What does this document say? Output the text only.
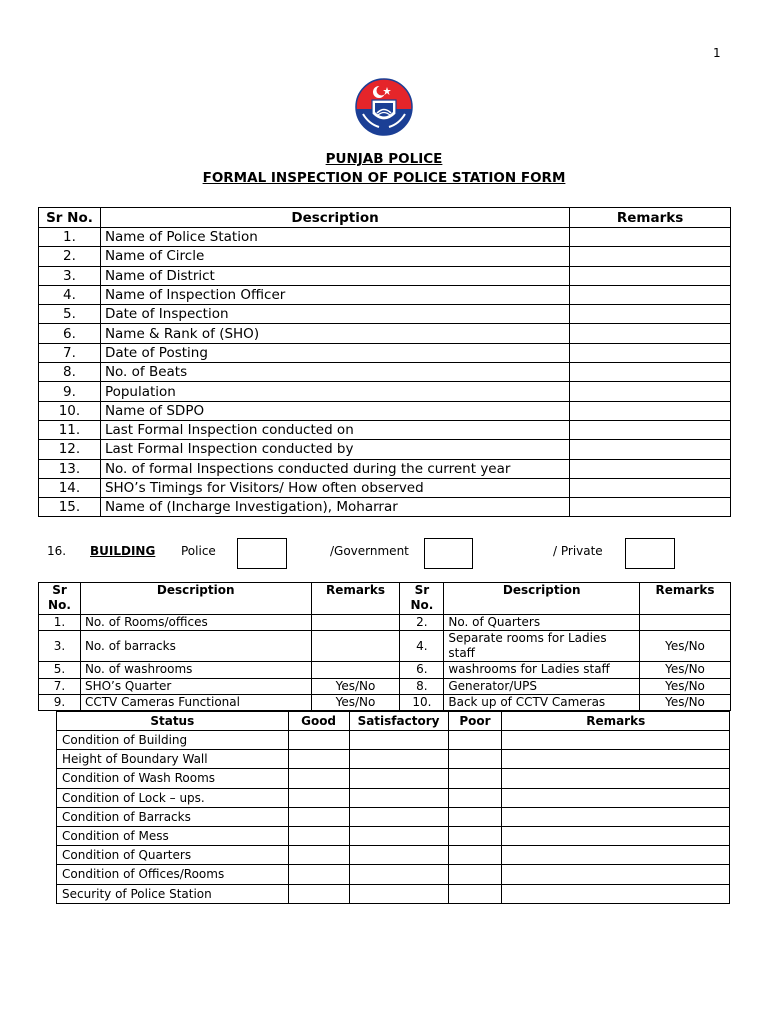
1
PUNJAB POLICE
FORMAL INSPECTION OF POLICE STATION FORM
Sr No.	Description	Remarks
1.	Name of Police Station	
2.	Name of Circle	
3.	Name of District	
4.	Name of Inspection Officer	
5.	Date of Inspection	
6.	Name & Rank of (SHO)	
7.	Date of Posting	
8.	No. of Beats	
9.	Population	
10.	Name of SDPO	
11.	Last Formal Inspection conducted on	
12.	Last Formal Inspection conducted by	
13.	No. of formal Inspections conducted during the current year	
14.	SHO’s Timings for Visitors/ How often observed	
15.	Name of (Incharge Investigation), Moharrar	
16. BUILDING Police	/Government	/ Private
Sr No.	Description	Remarks	Sr No.	Description	Remarks
1.	No. of Rooms/offices		2.	No. of Quarters	
3.	No. of barracks		4.	Separate rooms for Ladies staff	Yes/No
5.	No. of washrooms		6.	washrooms for Ladies staff	Yes/No
7.	SHO’s Quarter	Yes/No	8.	Generator/UPS	Yes/No
9.	CCTV Cameras Functional	Yes/No	10.	Back up of CCTV Cameras	Yes/No
Status	Good	Satisfactory	Poor	Remarks
Condition of Building				
Height of Boundary Wall				
Condition of Wash Rooms				
Condition of Lock – ups.				
Condition of Barracks				
Condition of Mess				
Condition of Quarters				
Condition of Offices/Rooms				
Security of Police Station				
